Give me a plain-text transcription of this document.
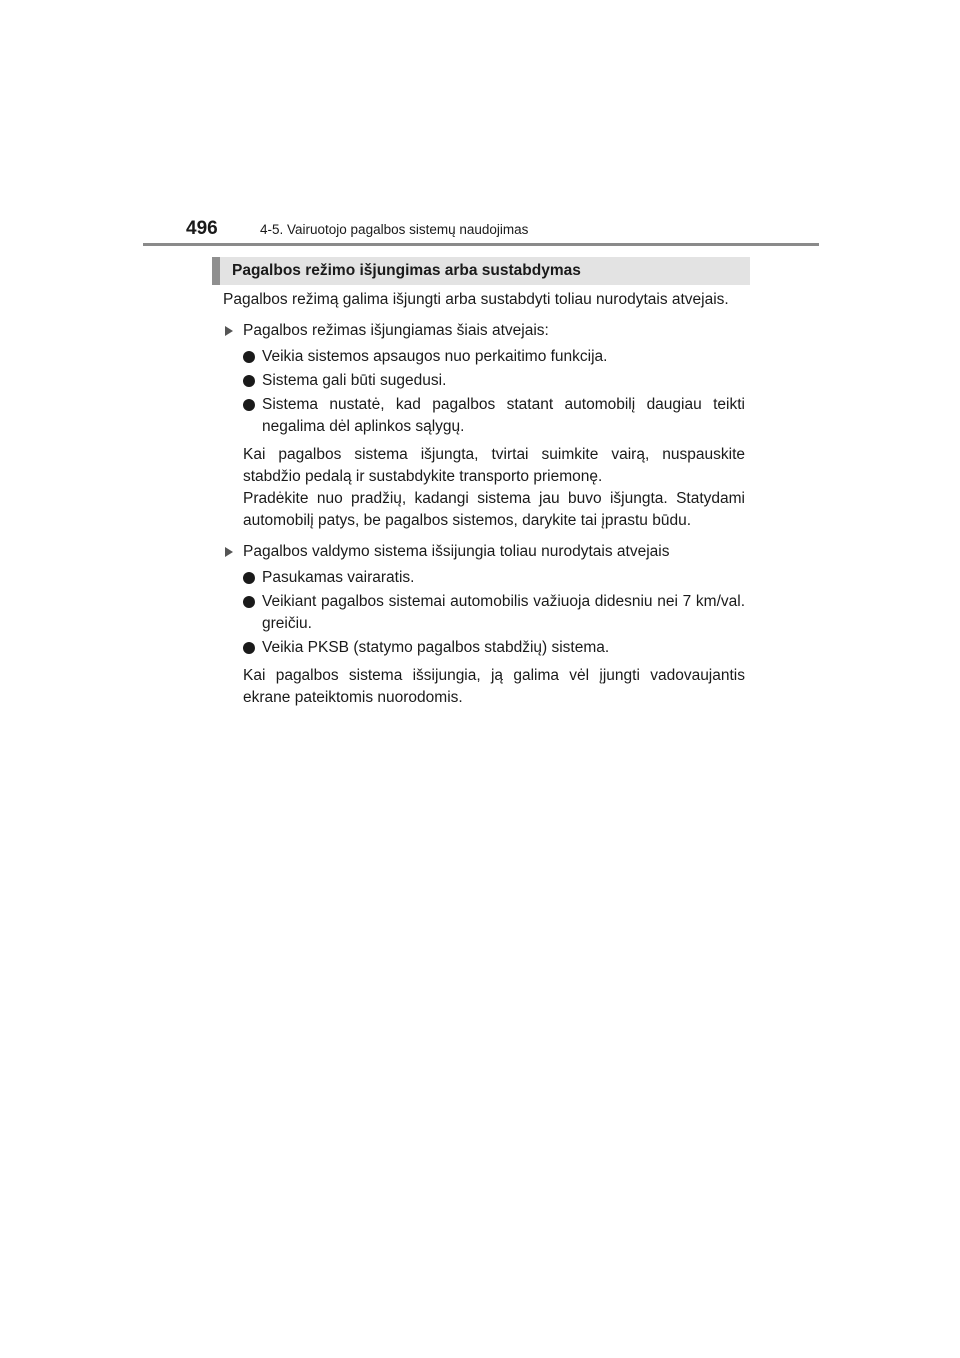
496	4-5. Vairuotojo pagalbos sistemų naudojimas
Pagalbos režimo išjungimas arba sustabdymas

Pagalbos režimą galima išjungti arba sustabdyti toliau nurodytais atvejais.

Pagalbos režimas išjungiamas šiais atvejais:
Veikia sistemos apsaugos nuo perkaitimo funkcija.
Sistema gali būti sugedusi.
Sistema nustatė, kad pagalbos statant automobilį daugiau teikti negalima dėl aplinkos sąlygų.

Kai pagalbos sistema išjungta, tvirtai suimkite vairą, nuspauskite stabdžio pedalą ir sustabdykite transporto priemonę.
Pradėkite nuo pradžių, kadangi sistema jau buvo išjungta. Statydami automobilį patys, be pagalbos sistemos, darykite tai įprastu būdu.

Pagalbos valdymo sistema išsijungia toliau nurodytais atvejais
Pasukamas vairaratis.
Veikiant pagalbos sistemai automobilis važiuoja didesniu nei 7 km/val. greičiu.
Veikia PKSB (statymo pagalbos stabdžių) sistema.

Kai pagalbos sistema išsijungia, ją galima vėl įjungti vadovaujantis ekrane pateiktomis nuorodomis.
